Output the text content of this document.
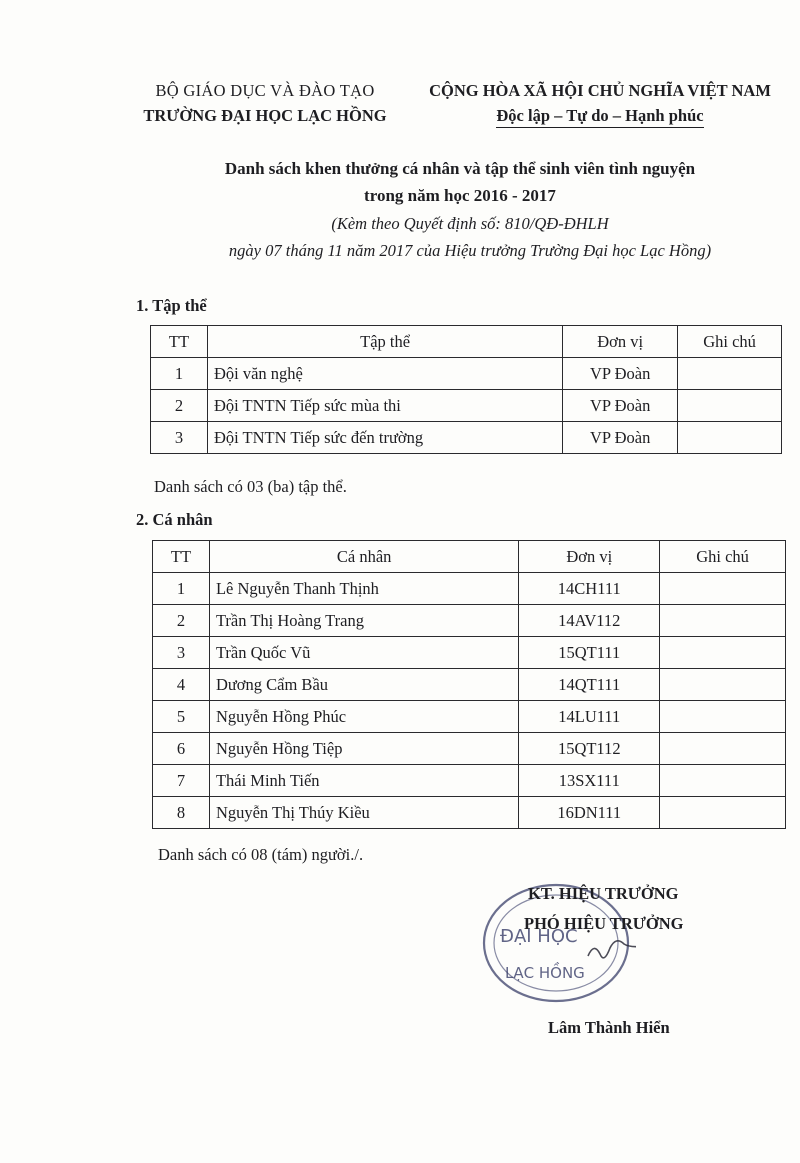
BỘ GIÁO DỤC VÀ ĐÀO TẠO
TRƯỜNG ĐẠI HỌC LẠC HỒNG
CỘNG HÒA XÃ HỘI CHỦ NGHĨA VIỆT NAM
Độc lập – Tự do – Hạnh phúc
Danh sách khen thưởng cá nhân và tập thể sinh viên tình nguyện
trong năm học 2016 - 2017
(Kèm theo Quyết định số: 810/QĐ-ĐHLH
ngày 07 tháng 11 năm 2017 của Hiệu trưởng Trường Đại học Lạc Hồng)
1. Tập thể
TT	Tập thể	Đơn vị	Ghi chú
1	Đội văn nghệ	VP Đoàn	
2	Đội TNTN Tiếp sức mùa thi	VP Đoàn	
3	Đội TNTN Tiếp sức đến trường	VP Đoàn	
Danh sách có 03 (ba) tập thể.
2. Cá nhân
TT	Cá nhân	Đơn vị	Ghi chú
1	Lê Nguyễn Thanh Thịnh	14CH111	
2	Trần Thị Hoàng Trang	14AV112	
3	Trần Quốc Vũ	15QT111	
4	Dương Cẩm Bầu	14QT111	
5	Nguyễn Hồng Phúc	14LU111	
6	Nguyễn Hồng Tiệp	15QT112	
7	Thái Minh Tiến	13SX111	
8	Nguyễn Thị Thúy Kiều	16DN111	
Danh sách có 08 (tám) người./.
ĐẠI HỌC
LẠC HỒNG
KT. HIỆU TRƯỞNG
PHÓ HIỆU TRƯỞNG
Lâm Thành Hiển
